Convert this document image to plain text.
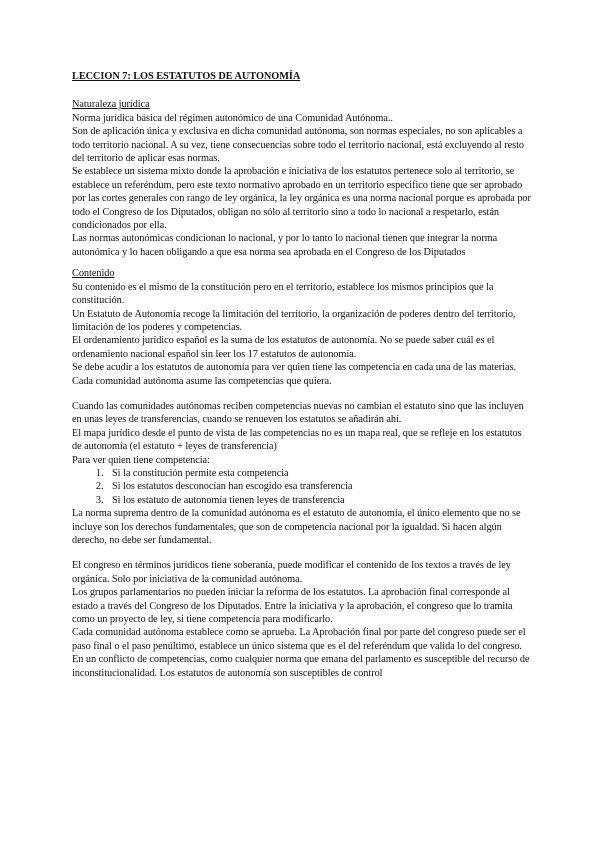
LECCION 7: LOS ESTATUTOS DE AUTONOMÍA
Naturaleza jurídica

Norma jurídica básica del régimen autonómico de una Comunidad Autónoma..

Son de aplicación única y exclusiva en dicha comunidad autónoma, son normas especiales, no son aplicables a todo territorio nacional. A su vez, tiene consecuencias sobre todo el territorio nacional, está excluyendo al resto del territorio de aplicar esas normas.

Se establece un sistema mixto donde la aprobación e iniciativa de los estatutos pertenece solo al territorio, se establece un referéndum, pero este texto normativo aprobado en un territorio especifico tiene que ser aprobado por las cortes generales con rango de ley orgánica, la ley orgánica es una norma nacional porque es aprobada por todo el Congreso de los Diputados, obligan no sólo al territorio sino a todo lo nacional a respetarlo, están condicionados por ella.

Las normas autonómicas condicionan lo nacional, y por lo tanto lo nacional tienen que integrar la norma autonómica y lo hacen obligando a que esa norma sea aprobada en el Congreso de los Diputados

Contenido

Su contenido es el mismo de la constitución pero en el territorio, establece los mismos principios que la constitución.

Un Estatuto de Autonomía recoge la limitación del territorio, la organización de poderes dentro del territorio, limitación de los poderes y competencias.

El ordenamiento jurídico español es la suma de los estatutos de autonomía. No se puede saber cuál es el ordenamiento nacional español sin leer los 17 estatutos de autonomía.

Se debe acudir a los estatutos de autonomía para ver quien tiene las competencia en cada una de las materias. Cada comunidad autónoma asume las competencias que quiera.

Cuando las comunidades autónomas reciben competencias nuevas no cambian el estatuto sino que las incluyen en unas leyes de transferencias, cuando se renueven los estatutos se añadirán ahí.

El mapa jurídico desde el punto de vista de las competencias no es un mapa real, que se refleje en los estatutos de autonomía (el estatuto + leyes de transferencia)

Para ver quien tiene competencia:

1. Si la constitución permite esta competencia
2. Si los estatutos desconocían han escogido esa transferencia
3. Si los estatuto de autonomía tienen leyes de transferencia

La norma suprema dentro de la comunidad autónoma es el estatuto de autonomía, el único elemento que no se incluye son los derechos fundamentales, que son de competencia nacional por la igualdad. Si hacen algún derecho, no debe ser fundamental.

El congreso en términos jurídicos tiene soberanía, puede modificar el contenido de los textos a través de ley orgánica. Solo por iniciativa de la comunidad autónoma.

Los grupos parlamentarios no pueden iniciar la reforma de los estatutos. La aprobación final corresponde al estado a través del Congreso de los Diputados. Entre la iniciativa y la aprobación, el congreso que lo tramita como un proyecto de ley, si tiene competencia para modificarlo.

Cada comunidad autónoma establece como se aprueba. La Aprobación final por parte del congreso puede ser el paso final o el paso penúltimo, establece un único sistema que es el del referéndum que valida lo del congreso.

En un conflicto de competencias, como cualquier norma que emana del parlamento es susceptible del recurso de inconstitucionalidad. Los estatutos de autonomía son susceptibles de control
